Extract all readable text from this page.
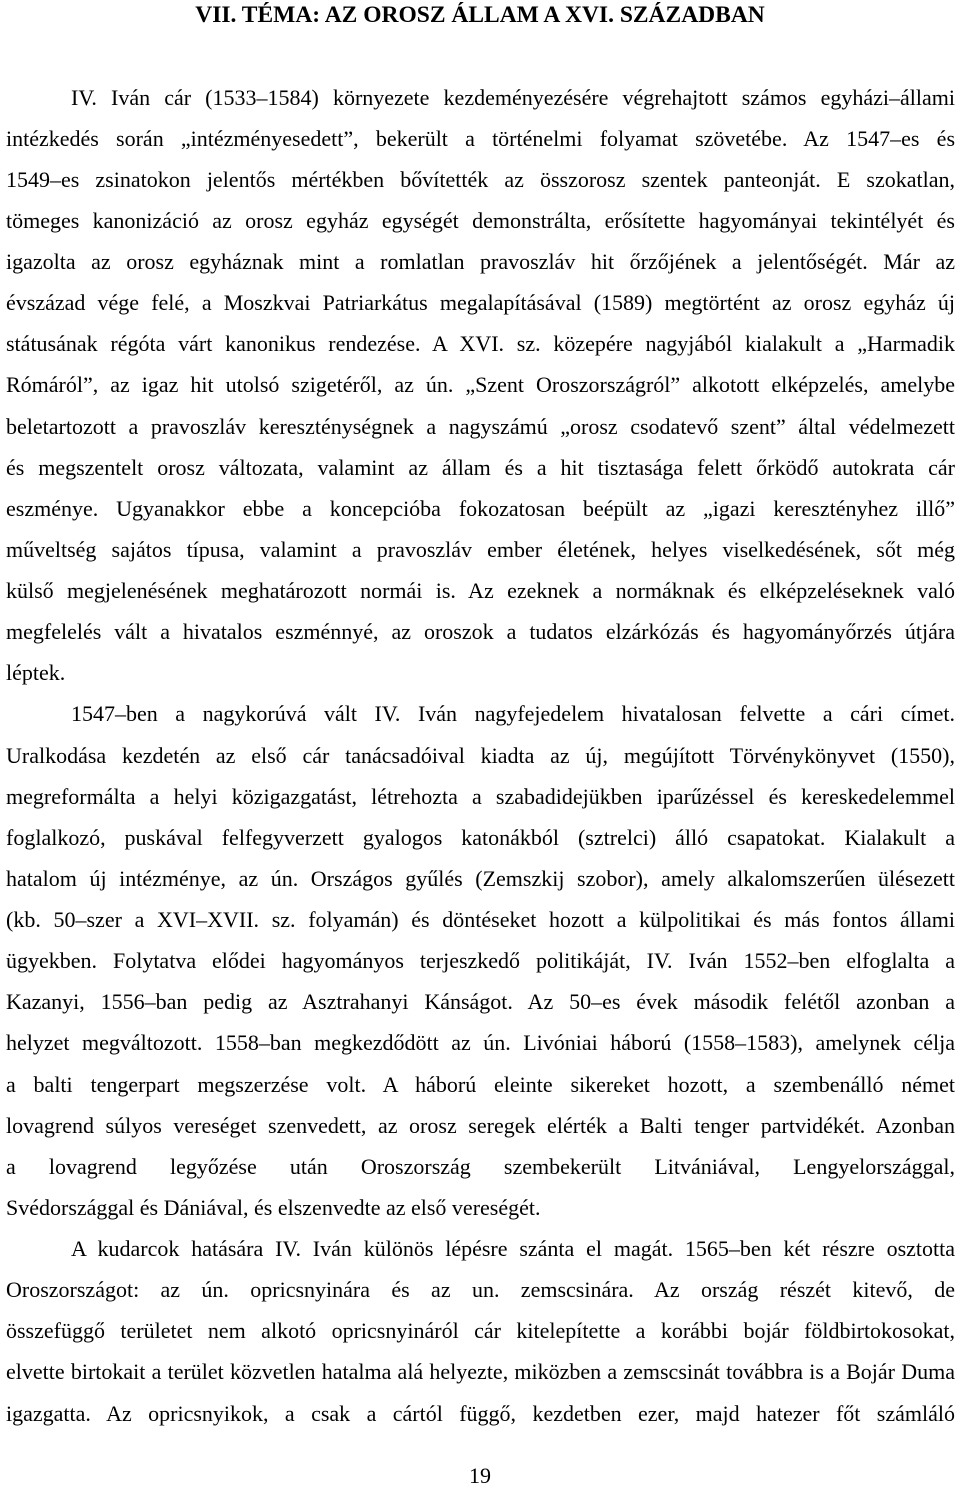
VII. TÉMA: AZ OROSZ ÁLLAM A XVI. SZÁZADBAN
IV. Iván cár (1533–1584) környezete kezdeményezésére végrehajtott számos egyházi–állami
intézkedés során „intézményesedett”, bekerült a történelmi folyamat szövetébe. Az 1547–es és
1549–es zsinatokon jelentős mértékben bővítették az összorosz szentek panteonját. E szokatlan,
tömeges kanonizáció az orosz egyház egységét demonstrálta, erősítette hagyományai tekintélyét és
igazolta az orosz egyháznak mint a romlatlan pravoszláv hit őrzőjének a jelentőségét. Már az
évszázad vége felé, a Moszkvai Patriarkátus megalapításával (1589) megtörtént az orosz egyház új
státusának régóta várt kanonikus rendezése. A XVI. sz. közepére nagyjából kialakult a „Harmadik
Rómáról”, az igaz hit utolsó szigetéről, az ún. „Szent Oroszországról” alkotott elképzelés, amelybe
beletartozott a pravoszláv kereszténységnek a nagyszámú „orosz csodatevő szent” által védelmezett
és megszentelt orosz változata, valamint az állam és a hit tisztasága felett őrködő autokrata cár
eszménye. Ugyanakkor ebbe a koncepcióba fokozatosan beépült az „igazi keresztényhez illő”
műveltség sajátos típusa, valamint a pravoszláv ember életének, helyes viselkedésének, sőt még
külső megjelenésének meghatározott normái is. Az ezeknek a normáknak és elképzeléseknek való
megfelelés vált a hivatalos eszménnyé, az oroszok a tudatos elzárkózás és hagyományőrzés útjára
léptek.
1547–ben a nagykorúvá vált IV. Iván nagyfejedelem hivatalosan felvette a cári címet.
Uralkodása kezdetén az első cár tanácsadóival kiadta az új, megújított Törvénykönyvet (1550),
megreformálta a helyi közigazgatást, létrehozta a szabadidejükben iparűzéssel és kereskedelemmel
foglalkozó, puskával felfegyverzett gyalogos katonákból (sztrelci) álló csapatokat. Kialakult a
hatalom új intézménye, az ún. Országos gyűlés (Zemszkij szobor), amely alkalomszerűen ülésezett
(kb. 50–szer a XVI–XVII. sz. folyamán) és döntéseket hozott a külpolitikai és más fontos állami
ügyekben. Folytatva elődei hagyományos terjeszkedő politikáját, IV. Iván 1552–ben elfoglalta a
Kazanyi, 1556–ban pedig az Asztrahanyi Kánságot. Az 50–es évek második felétől azonban a
helyzet megváltozott. 1558–ban megkezdődött az ún. Livóniai háború (1558–1583), amelynek célja
a balti tengerpart megszerzése volt. A háború eleinte sikereket hozott, a szembenálló német
lovagrend súlyos vereséget szenvedett, az orosz seregek elérték a Balti tenger partvidékét. Azonban
a lovagrend legyőzése után Oroszország szembekerült Litvániával, Lengyelországgal,
Svédországgal és Dániával, és elszenvedte az első vereségét.
A kudarcok hatására IV. Iván különös lépésre szánta el magát. 1565–ben két részre osztotta
Oroszországot: az ún. opricsnyinára és az un. zemscsinára. Az ország részét kitevő, de
összefüggő területet nem alkotó opricsnyináról cár kitelepítette a korábbi bojár földbirtokosokat,
elvette birtokait a terület közvetlen hatalma alá helyezte, miközben a zemscsinát továbbra is a Bojár Duma
igazgatta. Az opricsnyikok, a csak a cártól függő, kezdetben ezer, majd hatezer főt számláló
19
